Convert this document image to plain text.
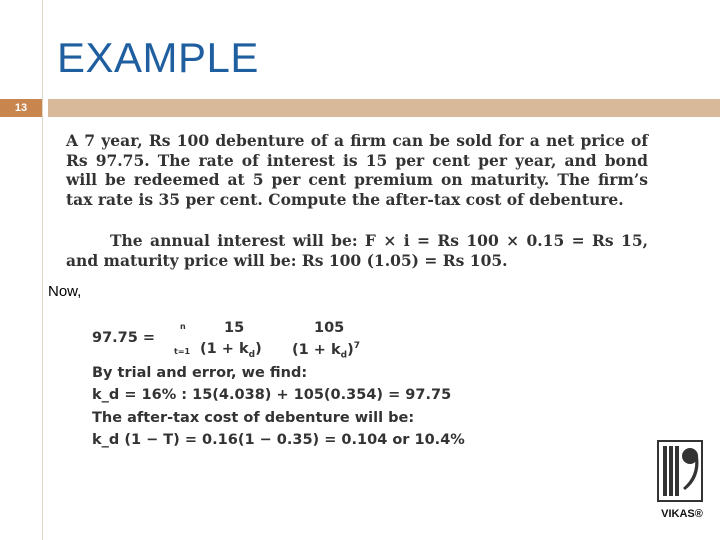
EXAMPLE
13

A 7 year, Rs 100 debenture of a firm can be sold for a net price of Rs 97.75. The rate of interest is 15 per cent per year, and bond will be redeemed at 5 per cent premium on maturity. The firm’s tax rate is 35 per cent. Compute the after-tax cost of debenture.

The annual interest will be: F × i = Rs 100 × 0.15 = Rs 15, and maturity price will be: Rs 100 (1.05) = Rs 105.

Now,
97.75 =
n
t=1
15
$(1 + k_d)$
105
$(1 + k_d)^7$
By trial and error, we find:
k_d = 16% : 15(4.038) + 105(0.354) = 97.75
The after-tax cost of debenture will be:
k_d (1 − T) = 0.16(1 − 0.35) = 0.104 or 10.4%
VIKAS®
